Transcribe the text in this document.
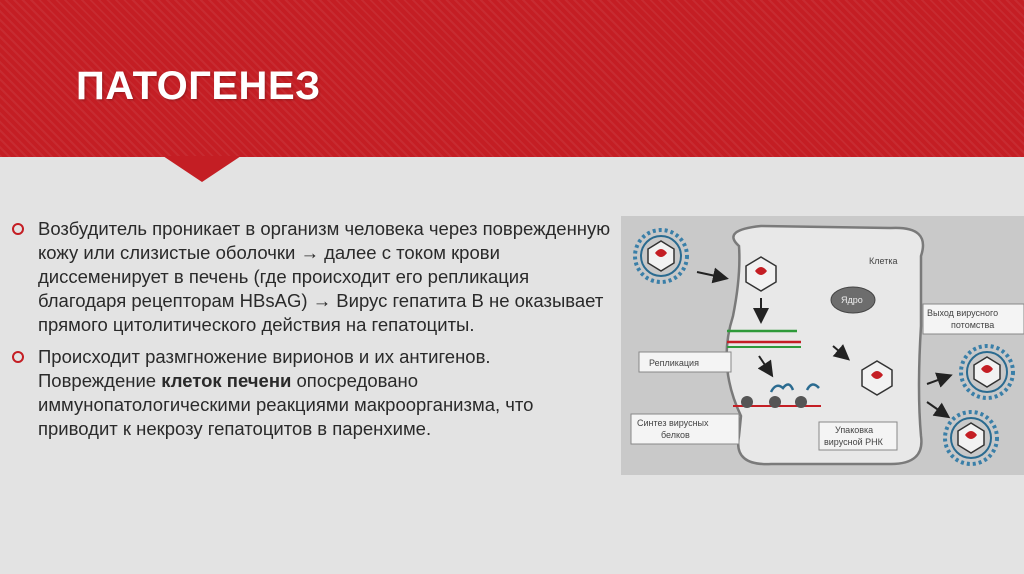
ПАТОГЕНЕЗ
Возбудитель проникает в организм человека через поврежденную кожу или слизистые оболочки → далее с током крови диссеменирует в печень (где происходит его репликация благодаря рецепторам HBsAG) → Вирус гепатита B не оказывает прямого цитолитического действия на гепатоциты.
Происходит размгножение вирионов и их антигенов. Повреждение клеток печени опосредовано иммунопатологическими реакциями макроорганизма, что приводит к некрозу гепатоцитов в паренхиме.
Клетка
Ядро
Репликация
Синтез вирусных
белков	Упаковка
вирусной РНК
Выход вирусного
потомства
